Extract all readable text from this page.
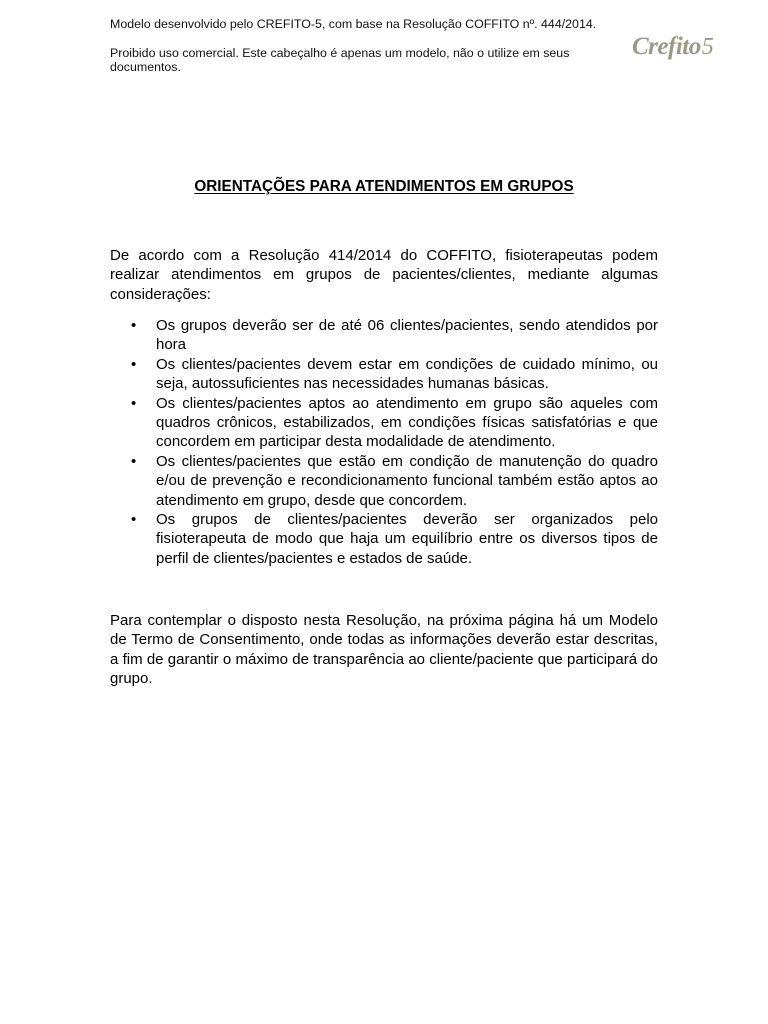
Modelo desenvolvido pelo CREFITO-5, com base na Resolução COFFITO nº. 444/2014.

Proibido uso comercial. Este cabeçalho é apenas um modelo, não o utilize em seus documentos.

Crefito5
ORIENTAÇÕES PARA ATENDIMENTOS EM GRUPOS

De acordo com a Resolução 414/2014 do COFFITO, fisioterapeutas podem realizar atendimentos em grupos de pacientes/clientes, mediante algumas considerações:

• Os grupos deverão ser de até 06 clientes/pacientes, sendo atendidos por hora
• Os clientes/pacientes devem estar em condições de cuidado mínimo, ou seja, autossuficientes nas necessidades humanas básicas.
• Os clientes/pacientes aptos ao atendimento em grupo são aqueles com quadros crônicos, estabilizados, em condições físicas satisfatórias e que concordem em participar desta modalidade de atendimento.
• Os clientes/pacientes que estão em condição de manutenção do quadro e/ou de prevenção e recondicionamento funcional também estão aptos ao atendimento em grupo, desde que concordem.
• Os grupos de clientes/pacientes deverão ser organizados pelo fisioterapeuta de modo que haja um equilíbrio entre os diversos tipos de perfil de clientes/pacientes e estados de saúde.

Para contemplar o disposto nesta Resolução, na próxima página há um Modelo de Termo de Consentimento, onde todas as informações deverão estar descritas, a fim de garantir o máximo de transparência ao cliente/paciente que participará do grupo.
